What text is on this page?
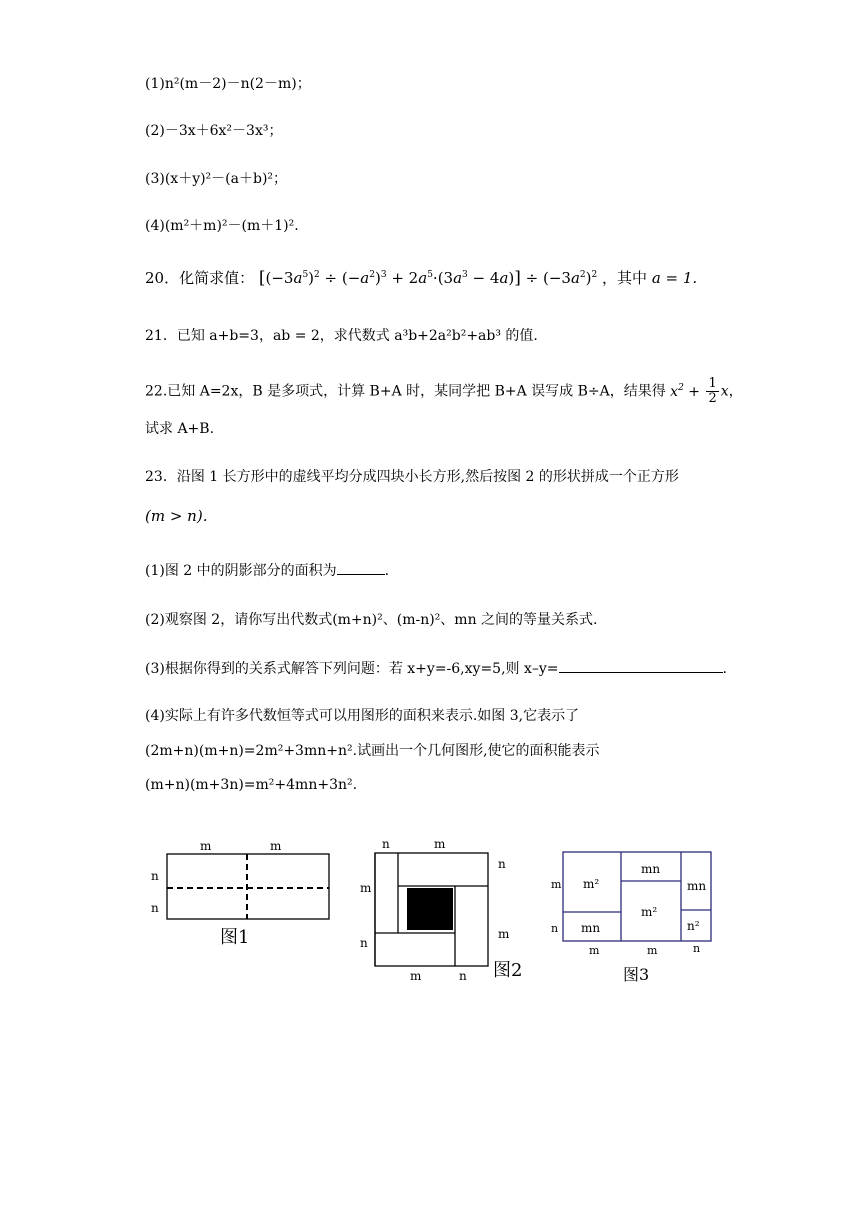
(1)n²(m－2)－n(2－m)；
(2)－3x＋6x²－3x³；
(3)(x＋y)²－(a＋b)²；
(4)(m²＋m)²－(m＋1)².
20．化简求值： $[(-3a^5)^2 \div (-a^2)^3 + 2a^5\cdot(3a^3 - 4a)] \div (-3a^2)^2$ ，其中 a = 1.
21．已知 a+b=3，ab = 2，求代数式 a³b+2a²b²+ab³ 的值.
22.已知 A=2x，B 是多项式，计算 B+A 时，某同学把 B+A 误写成 B÷A，结果得 $x^2 + \frac{1}{2}$ x，
试求 A+B.
23．沿图 1 长方形中的虚线平均分成四块小长方形,然后按图 2 的形状拼成一个正方形
(m > n).
(1)图 2 中的阴影部分的面积为	.
(2)观察图 2，请你写出代数式(m+n)²、(m-n)²、mn 之间的等量关系式.
(3)根据你得到的关系式解答下列问题：若 x+y=-6,xy=5,则 x–y=	.
(4)实际上有许多代数恒等式可以用图形的面积来表示.如图 3,它表示了
(2m+n)(m+n)=2m²+3mn+n².试画出一个几何图形,使它的面积能表示
(m+n)(m+3n)=m²+4mn+3n².
m	m
n
n
图1
n	m
n
m
m
n
m	n 图2
m²
mn
m²
mn
mn	n²
m
n
m	m	n
图3
